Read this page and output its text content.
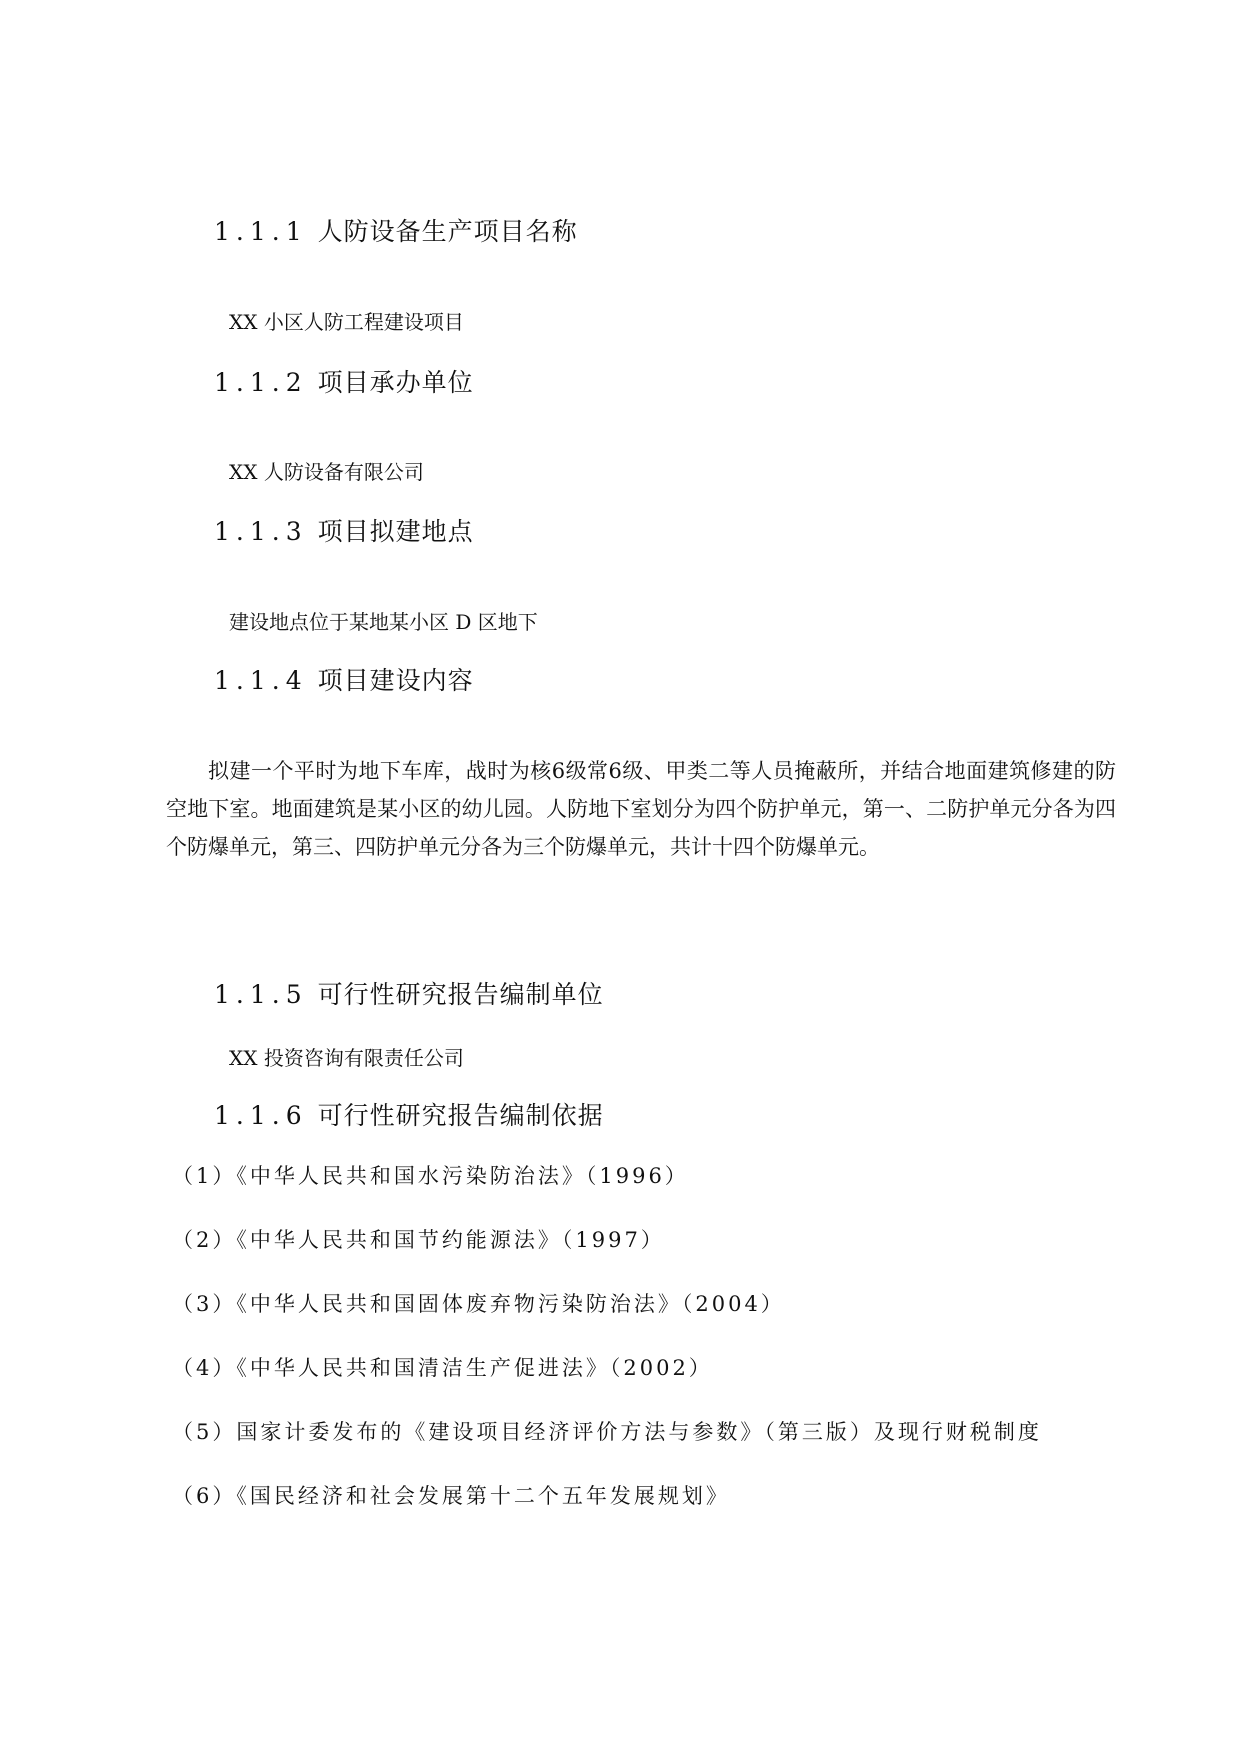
1.1.1 人防设备生产项目名称
XX 小区人防工程建设项目
1.1.2 项目承办单位
XX 人防设备有限公司
1.1.3 项目拟建地点
建设地点位于某地某小区 D 区地下
1.1.4 项目建设内容
拟建一个平时为地下车库，战时为核6级常6级、甲类二等人员掩蔽所，并结合地面建筑修建的防空地下室。地面建筑是某小区的幼儿园。人防地下室划分为四个防护单元，第一、二防护单元分各为四个防爆单元，第三、四防护单元分各为三个防爆单元，共计十四个防爆单元。
1.1.5 可行性研究报告编制单位
XX 投资咨询有限责任公司
1.1.6 可行性研究报告编制依据
（1）《中华人民共和国水污染防治法》（1996）
（2）《中华人民共和国节约能源法》（1997）
（3）《中华人民共和国固体废弃物污染防治法》（2004）
（4）《中华人民共和国清洁生产促进法》（2002）
（5）国家计委发布的《建设项目经济评价方法与参数》（第三版）及现行财税制度
（6）《国民经济和社会发展第十二个五年发展规划》
